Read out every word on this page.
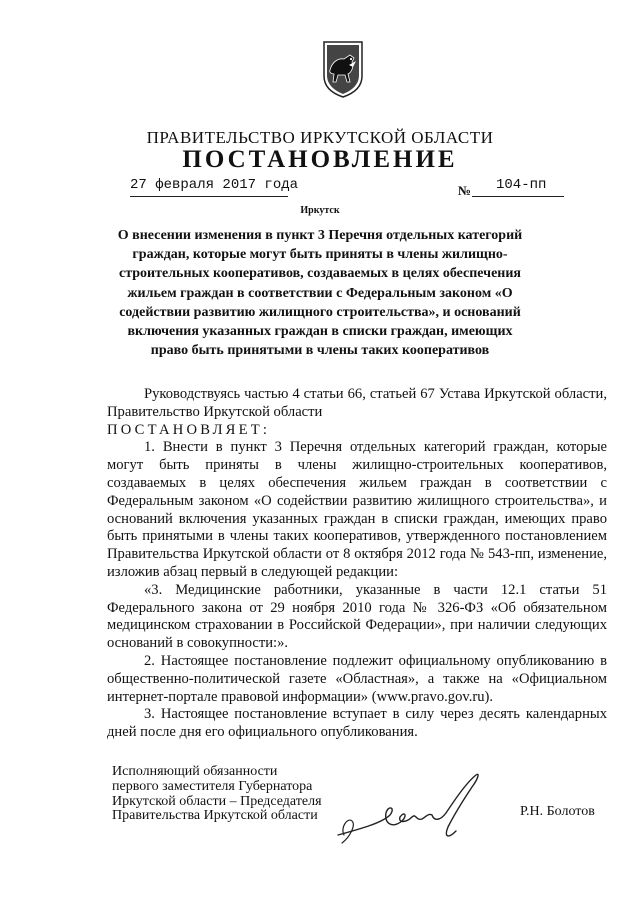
ПРАВИТЕЛЬСТВО ИРКУТСКОЙ ОБЛАСТИ
ПОСТАНОВЛЕНИЕ
27 февраля 2017 года	№ 104-пп
Иркутск
О внесении изменения в пункт 3 Перечня отдельных категорий граждан, которые могут быть приняты в члены жилищно-строительных кооперативов, создаваемых в целях обеспечения жильем граждан в соответствии с Федеральным законом «О содействии развитию жилищного строительства», и оснований включения указанных граждан в списки граждан, имеющих право быть принятыми в члены таких кооперативов

Руководствуясь частью 4 статьи 66, статьей 67 Устава Иркутской области, Правительство Иркутской области

ПОСТАНОВЛЯЕТ:

1. Внести в пункт 3 Перечня отдельных категорий граждан, которые могут быть приняты в члены жилищно-строительных кооперативов, создаваемых в целях обеспечения жильем граждан в соответствии с Федеральным законом «О содействии развитию жилищного строительства», и оснований включения указанных граждан в списки граждан, имеющих право быть принятыми в члены таких кооперативов, утвержденного постановлением Правительства Иркутской области от 8 октября 2012 года № 543-пп, изменение, изложив абзац первый в следующей редакции:

«3. Медицинские работники, указанные в части 12.1 статьи 51 Федерального закона от 29 ноября 2010 года № 326-ФЗ «Об обязательном медицинском страховании в Российской Федерации», при наличии следующих оснований в совокупности:».

2. Настоящее постановление подлежит официальному опубликованию в общественно-политической газете «Областная», а также на «Официальном интернет-портале правовой информации» (www.pravo.gov.ru).

3. Настоящее постановление вступает в силу через десять календарных дней после дня его официального опубликования.

Исполняющий обязанности
первого заместителя Губернатора
Иркутской области – Председателя
Правительства Иркутской области	Р.Н. Болотов
